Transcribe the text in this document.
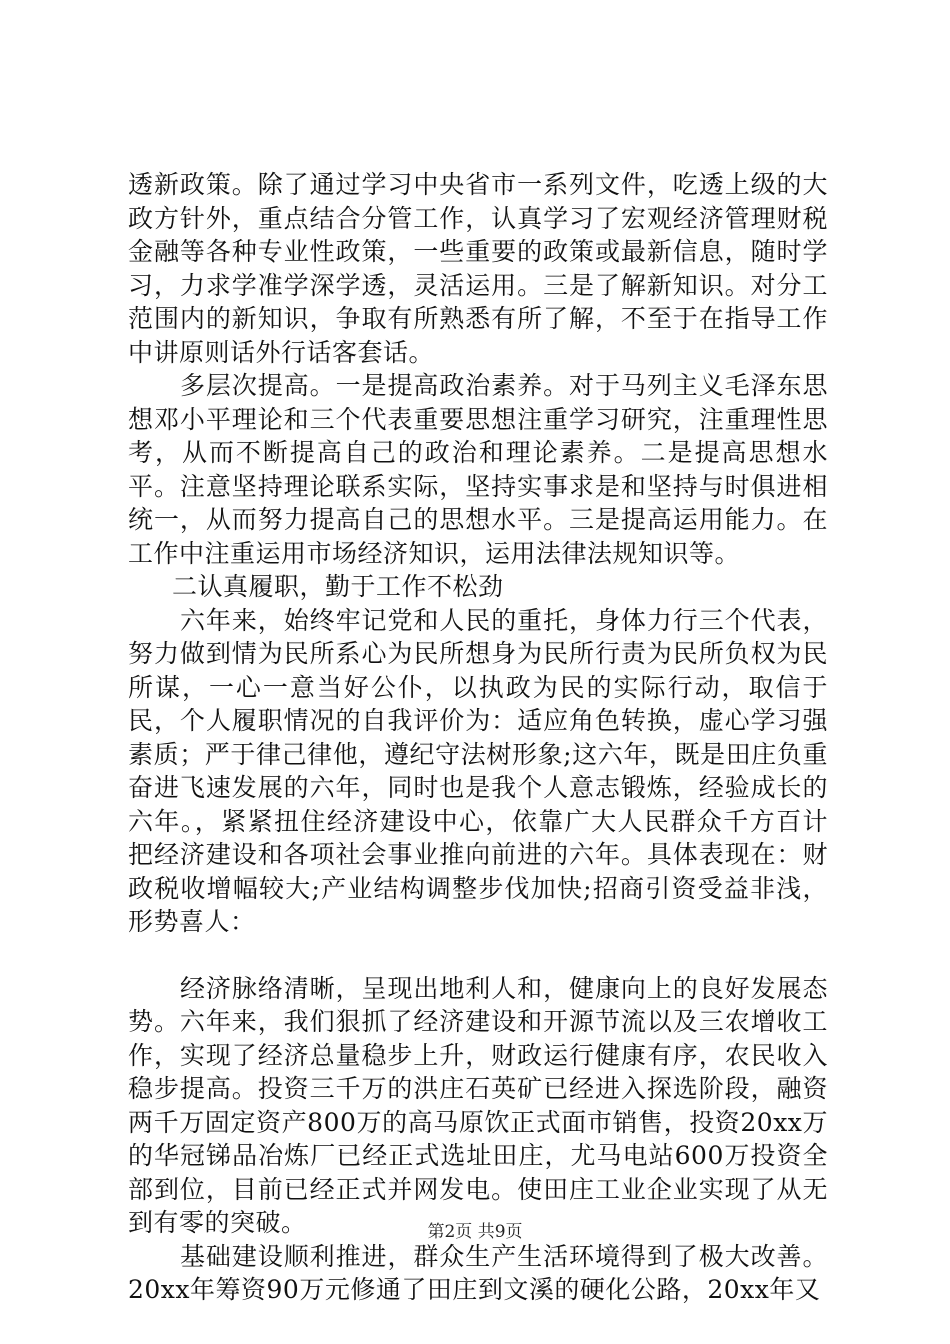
透新政策。除了通过学习中央省市一系列文件，吃透上级的大政方针外，重点结合分管工作，认真学习了宏观经济管理财税金融等各种专业性政策，一些重要的政策或最新信息，随时学习，力求学准学深学透，灵活运用。三是了解新知识。对分工范围内的新知识，争取有所熟悉有所了解，不至于在指导工作中讲原则话外行话客套话。

多层次提高。一是提高政治素养。对于马列主义毛泽东思想邓小平理论和三个代表重要思想注重学习研究，注重理性思考，从而不断提高自己的政治和理论素养。二是提高思想水平。注意坚持理论联系实际，坚持实事求是和坚持与时俱进相统一，从而努力提高自己的思想水平。三是提高运用能力。在工作中注重运用市场经济知识，运用法律法规知识等。

二认真履职，勤于工作不松劲

六年来，始终牢记党和人民的重托，身体力行三个代表，努力做到情为民所系心为民所想身为民所行责为民所负权为民所谋，一心一意当好公仆，以执政为民的实际行动，取信于民，个人履职情况的自我评价为：适应角色转换，虚心学习强素质；严于律己律他，遵纪守法树形象;这六年，既是田庄负重奋进飞速发展的六年，同时也是我个人意志锻炼，经验成长的六年。，紧紧扭住经济建设中心，依靠广大人民群众千方百计把经济建设和各项社会事业推向前进的六年。具体表现在：财政税收增幅较大;产业结构调整步伐加快;招商引资受益非浅，形势喜人：

经济脉络清晰，呈现出地利人和，健康向上的良好发展态势。六年来，我们狠抓了经济建设和开源节流以及三农增收工作，实现了经济总量稳步上升，财政运行健康有序，农民收入稳步提高。投资三千万的洪庄石英矿已经进入探选阶段，融资两千万固定资产800万的高马原饮正式面市销售，投资20xx万的华冠锑品冶炼厂已经正式选址田庄，尤马电站600万投资全部到位，目前已经正式并网发电。使田庄工业企业实现了从无到有零的突破。

基础建设顺利推进，群众生产生活环境得到了极大改善。20xx年筹资90万元修通了田庄到文溪的硬化公路，20xx年又

第2页 共9页
